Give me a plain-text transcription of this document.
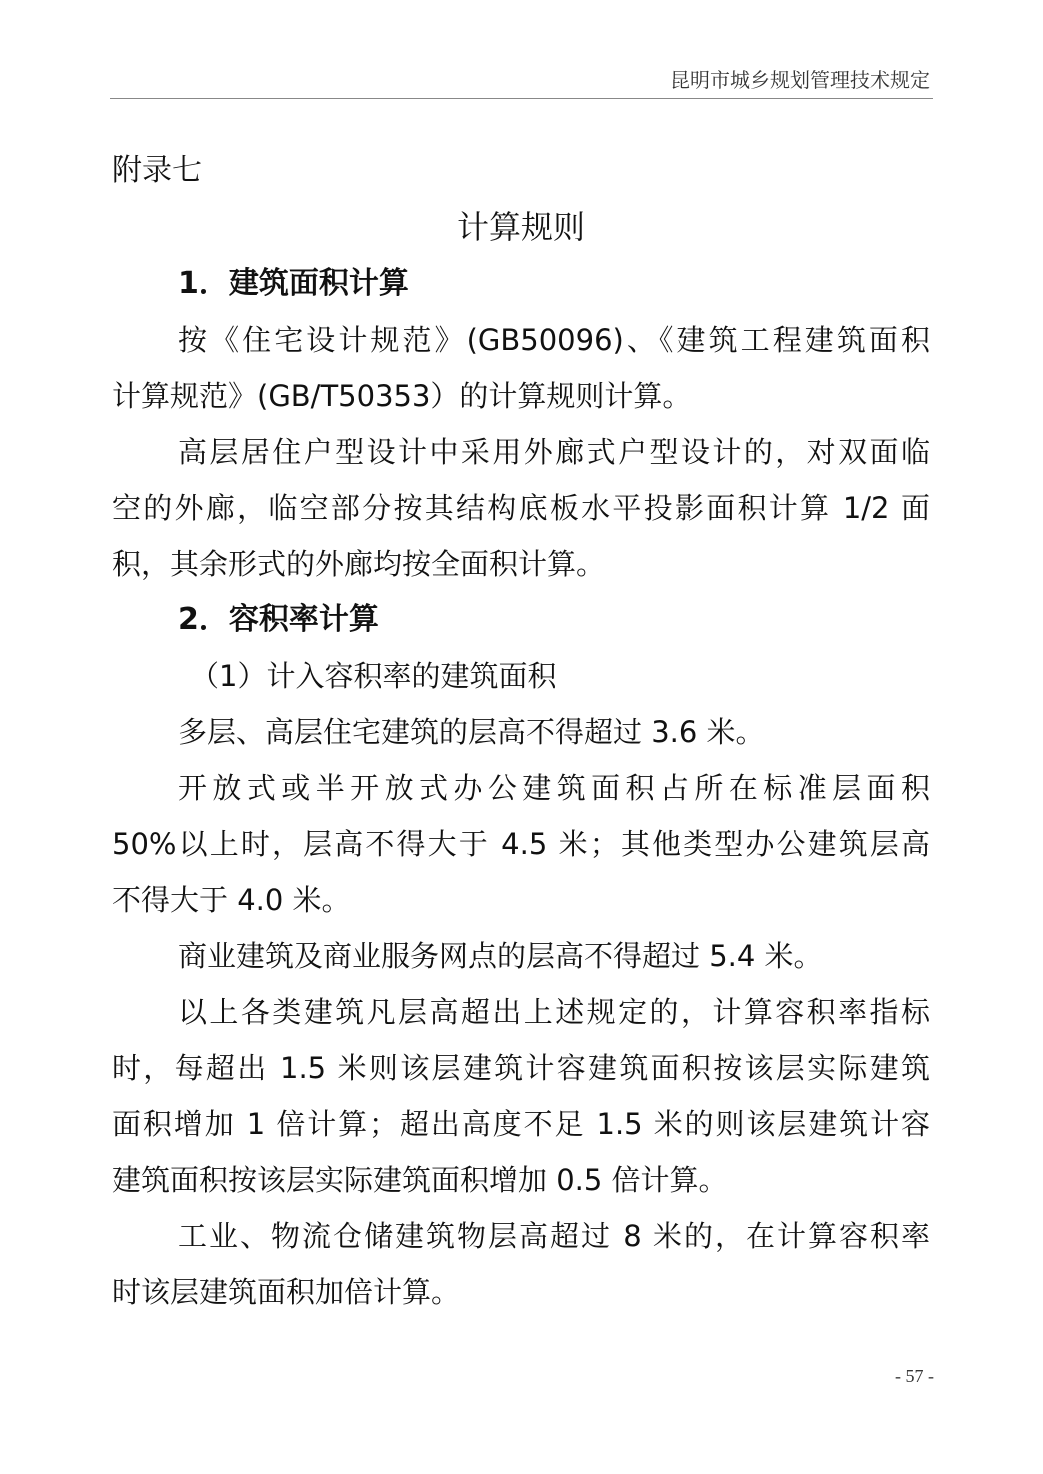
昆明市城乡规划管理技术规定
附录七
计算规则
1．建筑面积计算
按《住宅设计规范》(GB50096)、《建筑工程建筑面积
计算规范》(GB/T50353）的计算规则计算。
高层居住户型设计中采用外廊式户型设计的，对双面临
空的外廊，临空部分按其结构底板水平投影面积计算 1/2 面
积，其余形式的外廊均按全面积计算。
2．容积率计算
（1）计入容积率的建筑面积
多层、高层住宅建筑的层高不得超过 3.6 米。
开放式或半开放式办公建筑面积占所在标准层面积
50%以上时，层高不得大于 4.5 米；其他类型办公建筑层高
不得大于 4.0 米。
商业建筑及商业服务网点的层高不得超过 5.4 米。
以上各类建筑凡层高超出上述规定的，计算容积率指标
时，每超出 1.5 米则该层建筑计容建筑面积按该层实际建筑
面积增加 1 倍计算；超出高度不足 1.5 米的则该层建筑计容
建筑面积按该层实际建筑面积增加 0.5 倍计算。
工业、物流仓储建筑物层高超过 8 米的，在计算容积率
时该层建筑面积加倍计算。
- 57 -
